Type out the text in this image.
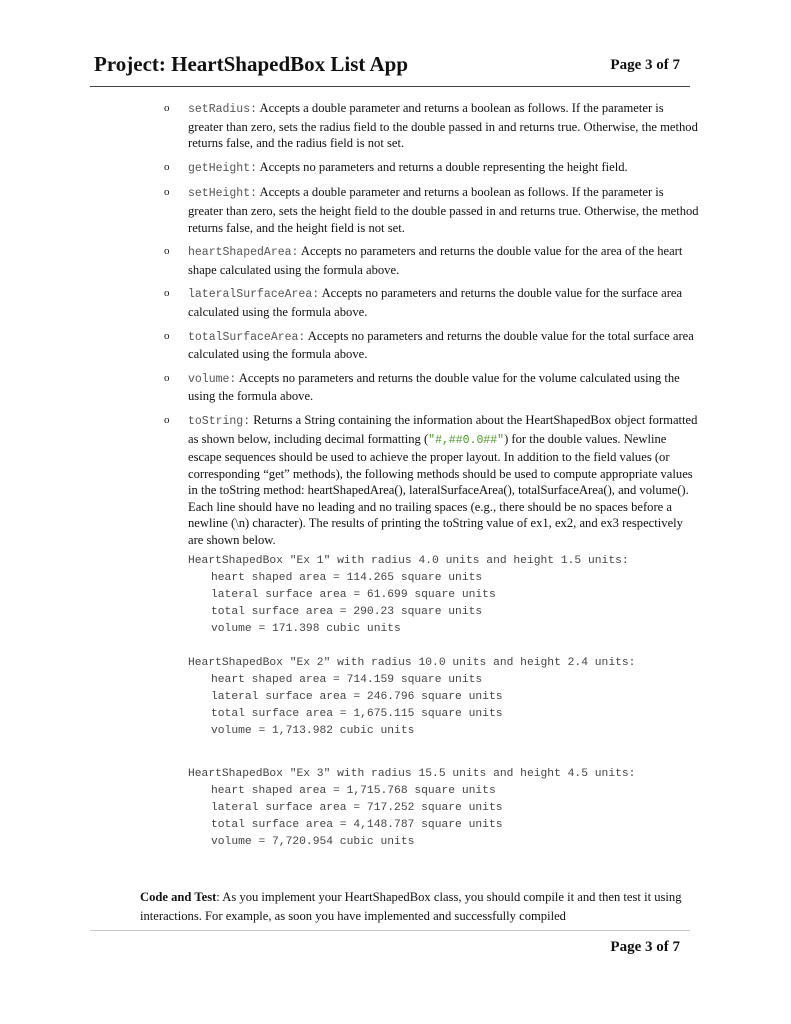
Project: HeartShapedBox List App	Page 3 of 7
o setRadius: Accepts a double parameter and returns a boolean as follows. If the parameter is greater than zero, sets the radius field to the double passed in and returns true. Otherwise, the method returns false, and the radius field is not set.
o getHeight: Accepts no parameters and returns a double representing the height field.
o setHeight: Accepts a double parameter and returns a boolean as follows. If the parameter is greater than zero, sets the height field to the double passed in and returns true. Otherwise, the method returns false, and the height field is not set.
o heartShapedArea: Accepts no parameters and returns the double value for the area of the heart shape calculated using the formula above.
o lateralSurfaceArea: Accepts no parameters and returns the double value for the surface area calculated using the formula above.
o totalSurfaceArea: Accepts no parameters and returns the double value for the total surface area calculated using the formula above.
o volume: Accepts no parameters and returns the double value for the volume calculated using the using the formula above.
o toString: Returns a String containing the information about the HeartShapedBox object formatted as shown below, including decimal formatting ("#,##0.0##") for the double values. Newline escape sequences should be used to achieve the proper layout. In addition to the field values (or corresponding “get” methods), the following methods should be used to compute appropriate values in the toString method: heartShapedArea(), lateralSurfaceArea(), totalSurfaceArea(), and volume(). Each line should have no leading and no trailing spaces (e.g., there should be no spaces before a newline (\n) character). The results of printing the toString value of ex1, ex2, and ex3 respectively are shown below.
HeartShapedBox "Ex 1" with radius 4.0 units and height 1.5 units:
heart shaped area = 114.265 square units
lateral surface area = 61.699 square units
total surface area = 290.23 square units
volume = 171.398 cubic units
HeartShapedBox "Ex 2" with radius 10.0 units and height 2.4 units:
heart shaped area = 714.159 square units
lateral surface area = 246.796 square units
total surface area = 1,675.115 square units
volume = 1,713.982 cubic units
HeartShapedBox "Ex 3" with radius 15.5 units and height 4.5 units:
heart shaped area = 1,715.768 square units
lateral surface area = 717.252 square units
total surface area = 4,148.787 square units
volume = 7,720.954 cubic units
Code and Test: As you implement your HeartShapedBox class, you should compile it and then test it using interactions. For example, as soon you have implemented and successfully compiled
Page 3 of 7
